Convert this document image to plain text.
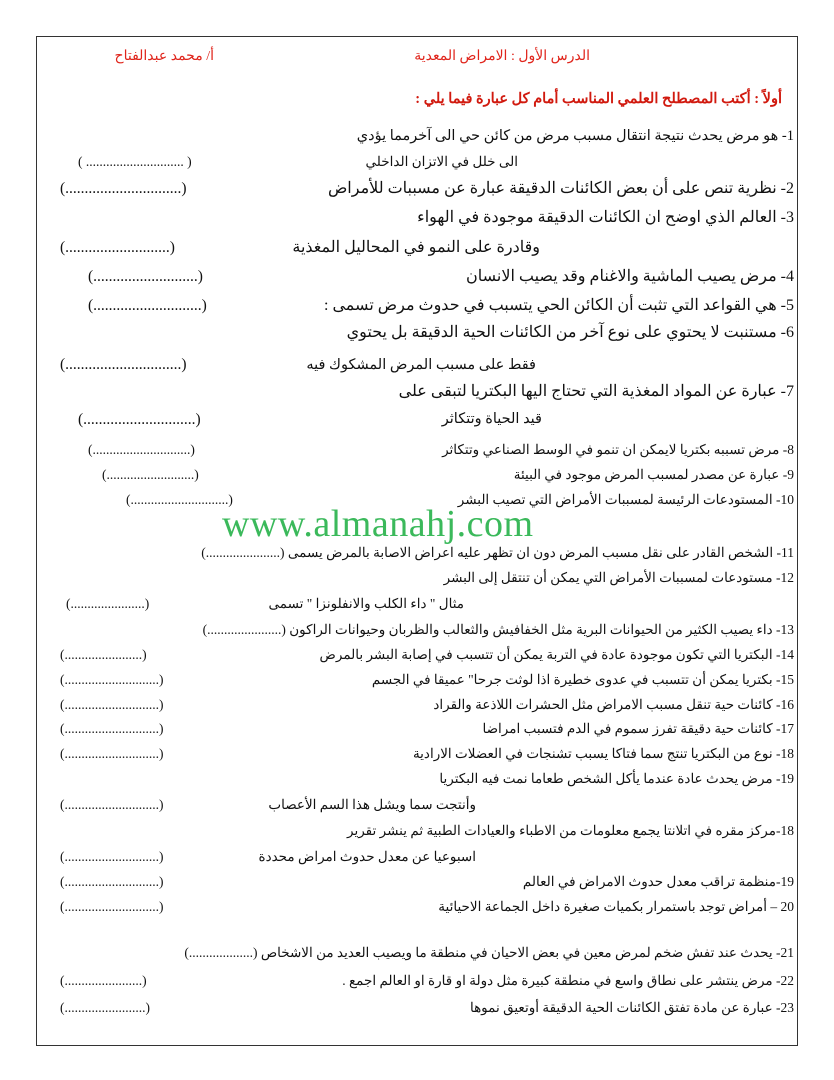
الدرس الأول : الامراض المعدية
أ/ محمد عبدالفتاح
أولاً : أكتب المصطلح العلمي المناسب أمام كل عبارة فيما يلي :
www.almanahj.com
1- هو مرض يحدث نتيجة انتقال مسبب مرض من كائن حي الى آخرمما يؤدي
الى خلل في الاتزان الداخلي
( ............................. )
2- نظرية تنص على أن بعض الكائنات الدقيقة عبارة عن مسببات للأمراض
(..............................)
3- العالم الذي اوضح ان الكائنات الدقيقة موجودة في الهواء
وقادرة على النمو في المحاليل المغذية
(...........................)
4- مرض يصيب الماشية والاغنام وقد يصيب الانسان
(...........................)
5- هي القواعد التي تثبت أن الكائن الحي يتسبب في حدوث مرض تسمى :
(............................)
6- مستنبت لا يحتوي على نوع آخر من الكائنات الحية الدقيقة بل يحتوي
فقط على مسبب المرض المشكوك فيه
(..............................)
7- عبارة عن المواد المغذية التي تحتاج اليها البكتريا لتبقى على
قيد الحياة وتتكاثر
(.............................)
8- مرض تسببه بكتريا لايمكن ان تنمو في الوسط الصناعي وتتكاثر
(.............................)
9- عبارة عن مصدر لمسبب المرض موجود في البيئة
(..........................)
10- المستودعات الرئيسة لمسببات الأمراض التي تصيب البشر
(.............................)
11- الشخص القادر على نقل مسبب المرض دون ان تظهر عليه اعراض الاصابة بالمرض يسمى (......................)
12- مستودعات لمسببات الأمراض التي يمكن أن تنتقل إلى البشر
مثال " داء الكلب والانفلونزا " تسمى
(......................)
13- داء يصيب الكثير من الحيوانات البرية مثل الخفافيش والثعالب والظربان وحيوانات الراكون (......................)
14- البكتريا التي تكون موجودة عادة في التربة يمكن أن تتسبب في إصابة البشر بالمرض
(.......................)
15- بكتريا يمكن أن تتسبب في عدوى خطيرة اذا لوثت جرحا" عميقا في الجسم
(............................)
16- كائنات حية تنقل مسبب الامراض مثل الحشرات اللاذعة والقراد
(............................)
17- كائنات حية دقيقة تفرز سموم في الدم فتسبب امراضا
(............................)
18- نوع من البكتريا تنتج سما فتاكا يسبب تشنجات في العضلات الارادية
(............................)
19- مرض يحدث عادة عندما يأكل الشخص طعاما نمت فيه البكتريا
وأنتجت سما ويشل هذا السم الأعصاب
(............................)
18-مركز مقره في اتلانتا يجمع معلومات من الاطباء والعيادات الطبية ثم ينشر تقرير
اسبوعيا عن معدل حدوث امراض محددة
(............................)
19-منظمة تراقب معدل حدوث الامراض في العالم
(............................)
20 – أمراض توجد باستمرار بكميات صغيرة داخل الجماعة الاحيائية
(............................)
21- يحدث عند تفش ضخم لمرض معين في بعض الاحيان في منطقة ما ويصيب العديد من الاشخاص (...................)
22- مرض ينتشر على نطاق واسع في منطقة كبيرة مثل دولة او قارة او العالم اجمع .
(.......................)
23- عبارة عن مادة تفتق الكائنات الحية الدقيقة أوتعيق نموها
(........................)
